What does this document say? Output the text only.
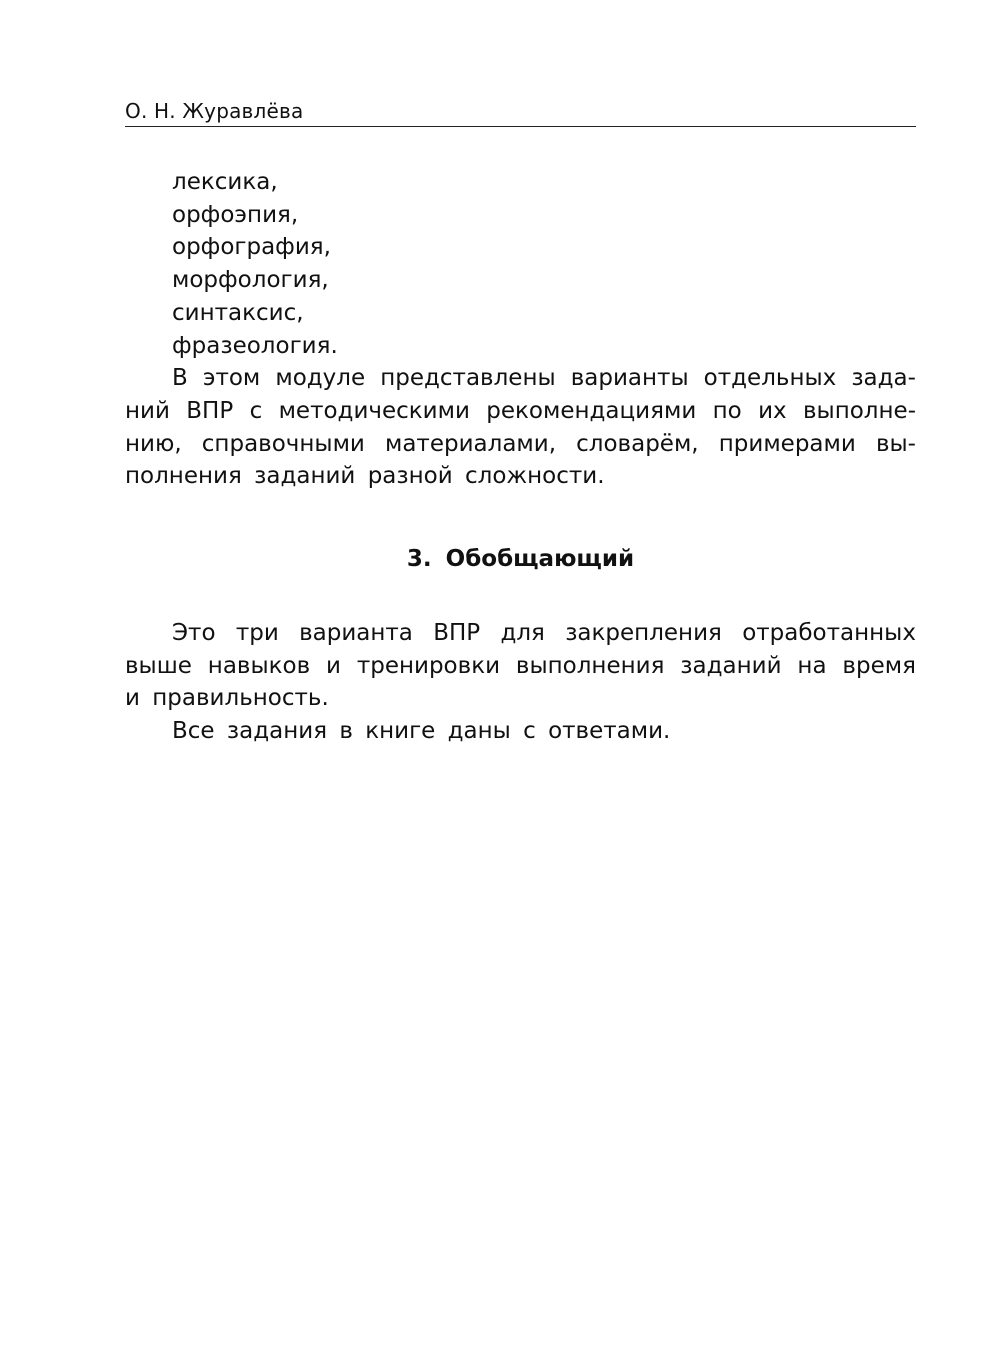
О. Н. Журавлёва
лексика,
орфоэпия,
орфография,
морфология,
синтаксис,
фразеология.
В этом модуле представлены варианты отдельных зада-
ний ВПР с методическими рекомендациями по их выполне-
нию, справочными материалами, словарём, примерами вы-
полнения заданий разной сложности.
3. Обобщающий
Это три варианта ВПР для закрепления отработанных
выше навыков и тренировки выполнения заданий на время
и правильность.
Все задания в книге даны с ответами.
